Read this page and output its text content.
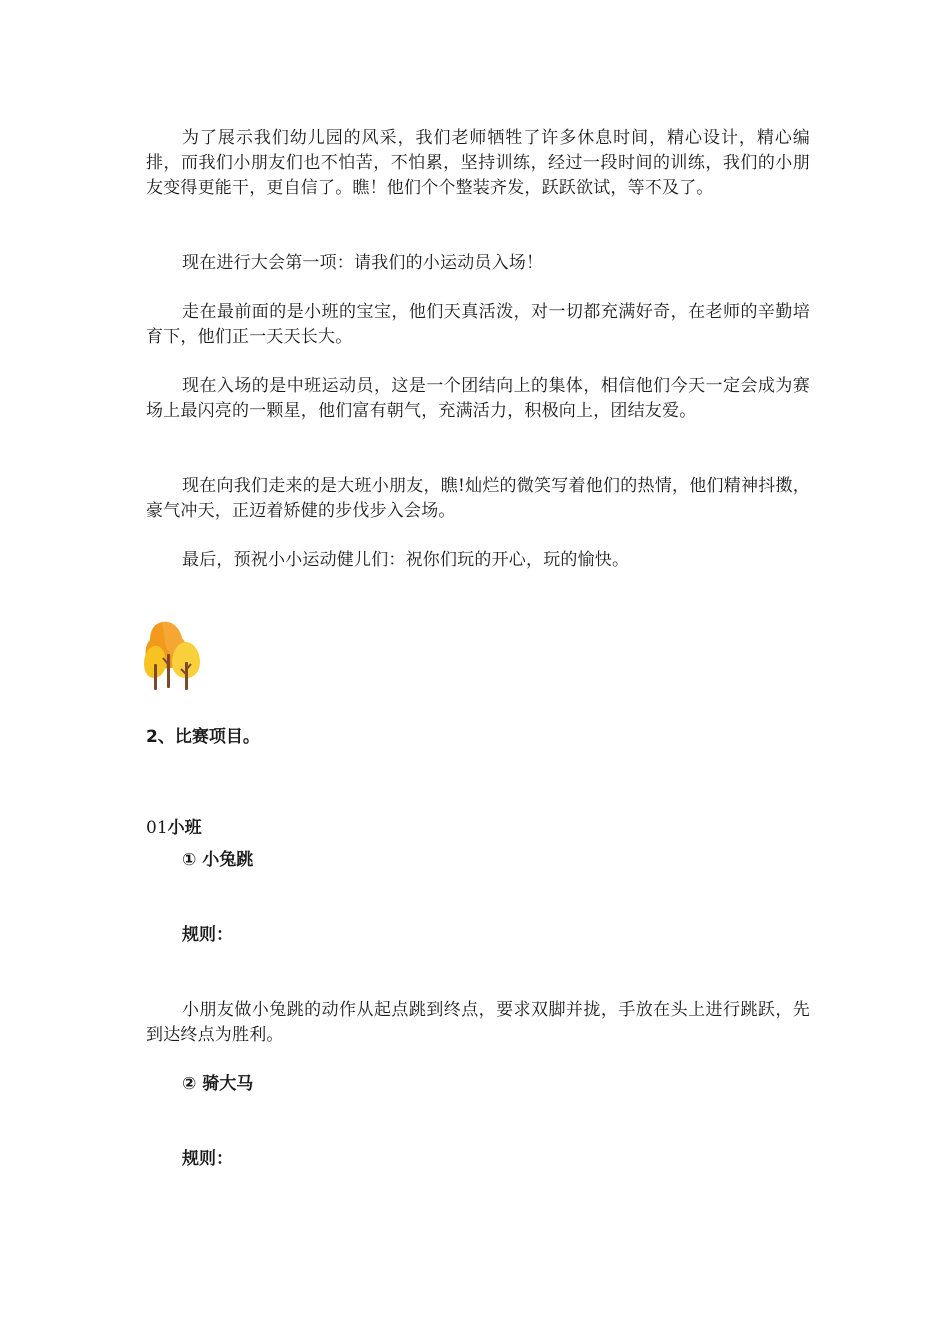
为了展示我们幼儿园的风采，我们老师牺牲了许多休息时间，精心设计，精心编排，而我们小朋友们也不怕苦，不怕累，坚持训练，经过一段时间的训练，我们的小朋友变得更能干，更自信了。瞧！他们个个整装齐发，跃跃欲试，等不及了。

现在进行大会第一项：请我们的小运动员入场！

走在最前面的是小班的宝宝，他们天真活泼，对一切都充满好奇，在老师的辛勤培育下，他们正一天天长大。

现在入场的是中班运动员，这是一个团结向上的集体，相信他们今天一定会成为赛场上最闪亮的一颗星，他们富有朝气，充满活力，积极向上，团结友爱。

现在向我们走来的是大班小朋友，瞧!灿烂的微笑写着他们的热情，他们精神抖擞，豪气冲天，正迈着矫健的步伐步入会场。

最后，预祝小小运动健儿们：祝你们玩的开心，玩的愉快。

2、比赛项目。

01小班

① 小兔跳

规则：

小朋友做小兔跳的动作从起点跳到终点，要求双脚并拢，手放在头上进行跳跃，先到达终点为胜利。

② 骑大马

规则：
